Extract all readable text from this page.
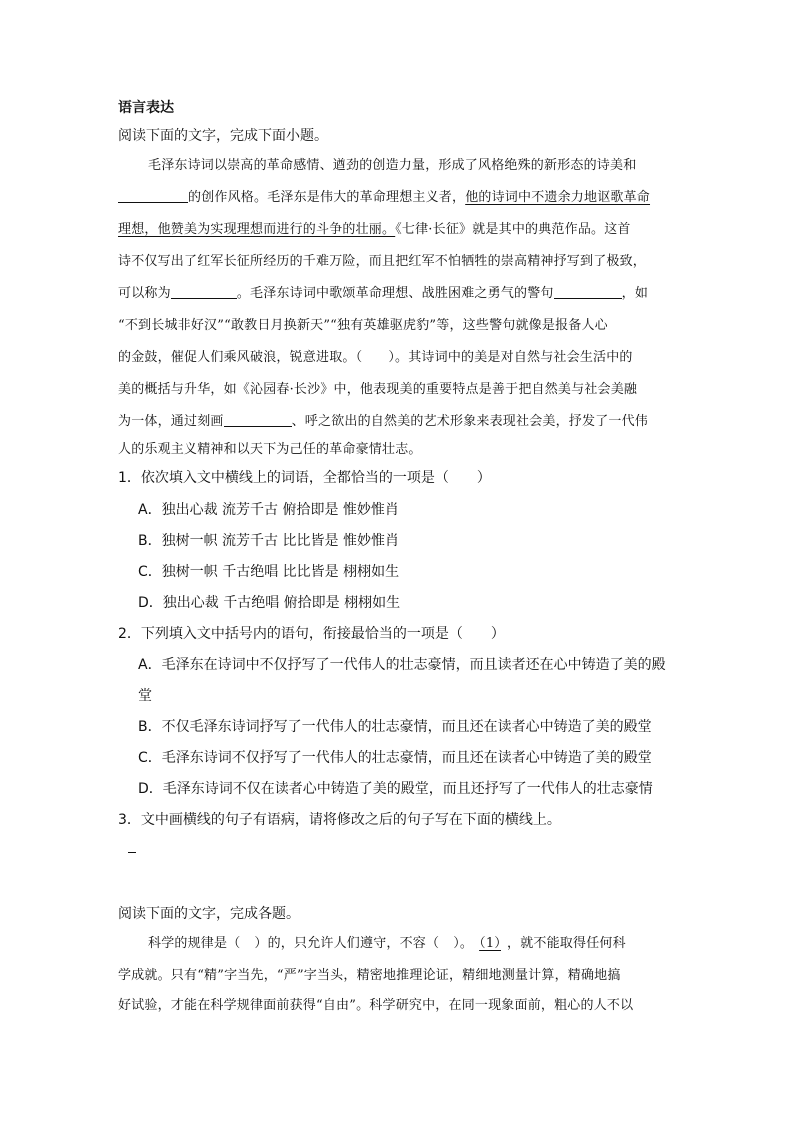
语言表达
阅读下面的文字，完成下面小题。
毛泽东诗词以崇高的革命感情、遒劲的创造力量，形成了风格绝殊的新形态的诗美和
的创作风格。毛泽东是伟大的革命理想主义者，他的诗词中不遗余力地讴歌革命
理想，他赞美为实现理想而进行的斗争的壮丽。《七律·长征》就是其中的典范作品。这首
诗不仅写出了红军长征所经历的千难万险，而且把红军不怕牺牲的崇高精神抒写到了极致，
可以称为	。毛泽东诗词中歌颂革命理想、战胜困难之勇气的警句	，如
“不到长城非好汉”“敢教日月换新天”“独有英雄驱虎豹”等，这些警句就像是报备人心
的金鼓，催促人们乘风破浪，锐意进取。（ ）。其诗词中的美是对自然与社会生活中的
美的概括与升华，如《沁园春·长沙》中，他表现美的重要特点是善于把自然美与社会美融
为一体，通过刻画	、呼之欲出的自然美的艺术形象来表现社会美，抒发了一代伟
人的乐观主义精神和以天下为己任的革命豪情壮志。
1．依次填入文中横线上的词语，全都恰当的一项是（　　）
A．独出心裁 流芳千古 俯拾即是 惟妙惟肖
B．独树一帜 流芳千古 比比皆是 惟妙惟肖
C．独树一帜 千古绝唱 比比皆是 栩栩如生
D．独出心裁 千古绝唱 俯拾即是 栩栩如生
2．下列填入文中括号内的语句，衔接最恰当的一项是（　　）
A．毛泽东在诗词中不仅抒写了一代伟人的壮志豪情，而且读者还在心中铸造了美的殿
堂
B．不仅毛泽东诗词抒写了一代伟人的壮志豪情，而且还在读者心中铸造了美的殿堂
C．毛泽东诗词不仅抒写了一代伟人的壮志豪情，而且还在读者心中铸造了美的殿堂
D．毛泽东诗词不仅在读者心中铸造了美的殿堂，而且还抒写了一代伟人的壮志豪情
3．文中画横线的句子有语病，请将修改之后的句子写在下面的横线上。
阅读下面的文字，完成各题。
科学的规律是（ ）的，只允许人们遵守，不容（ ）。 （1） ，就不能取得任何科
学成就。只有“精”字当先，“严”字当头，精密地推理论证，精细地测量计算，精确地搞
好试验，才能在科学规律面前获得“自由”。科学研究中，在同一现象面前，粗心的人不以
